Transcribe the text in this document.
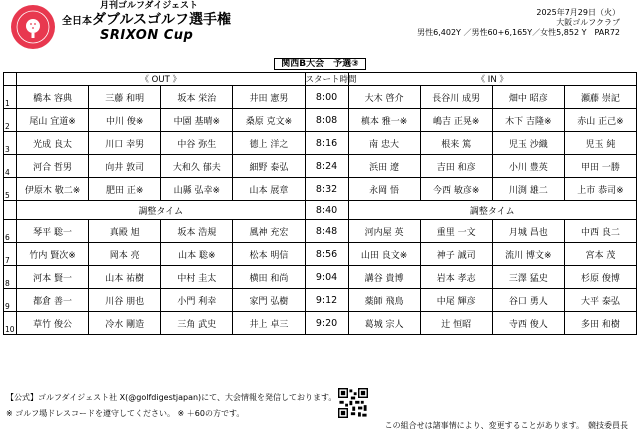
月刊ゴルフダイジェスト
全日本ダブルスゴルフ選手権
SRIXON Cup
2025年7月29日（火）
大阪ゴルフクラブ
男性6,402Y ／男性60+6,165Y／女性5,852 Y　PAR72
関西B大会　予選③
	《 OUT 》				スタート時間	《 IN 》			
1	橋本 容典	三藤 和明	坂本 栄治	井田 憲男	8:00	大木 啓介	長谷川 成男	畑中 昭彦	瀬藤 崇記
2	尾山 宜道※	中川 俊※	中園 基晴※	桑原 克文※	8:08	槙本 雅一※	嶋吉 正晃※	木下 吉隆※	赤山 正己※
3	光成 良太	川口 幸男	中谷 弥生	德上 洋之	8:16	南 忠大	根来 篤	児玉 沙織	児玉 純
4	河合 哲男	向井 敦司	大和久 郁夫	細野 泰弘	8:24	浜田 遼	吉田 和彦	小川 豊英	甲田 一勝
5	伊原木 敬二※	肥田 正※	山縣 弘幸※	山本 展章	8:32	永岡 悟	今西 敏彦※	川渕 雄二	上市 恭司※
	調整タイム				8:40	調整タイム			
6	琴平 聡一	真殿 旭	坂本 浩規	風神 充宏	8:48	河内屋 英	重里 一文	月城 昌也	中西 良二
7	竹内 賢次※	岡本 亮	山本 聡※	松本 明信	8:56	山田 良文※	神子 誠司	流川 博文※	宮本 茂
8	河本 賢一	山本 祐樹	中村 圭太	横田 和尚	9:04	講谷 貴博	岩本 孝志	三澤 猛史	杉原 俊博
9	都倉 善一	川谷 朋也	小門 利幸	家門 弘樹	9:12	薬師 飛鳥	中尾 輝彦	谷口 勇人	大平 泰弘
10	草竹 俊公	冷水 剛造	三角 武史	井上 卓三	9:20	葛城 宗人	辻 恒昭	寺西 俊人	多田 和樹
【公式】ゴルフダイジェスト社 X(@golfdigestjapan)にて、大会情報を発信しております。
※ ゴルフ場ドレスコードを遵守してください。 ※ ＋60の方です。
この組合せは諸事情により、変更することがあります。　競技委員長
